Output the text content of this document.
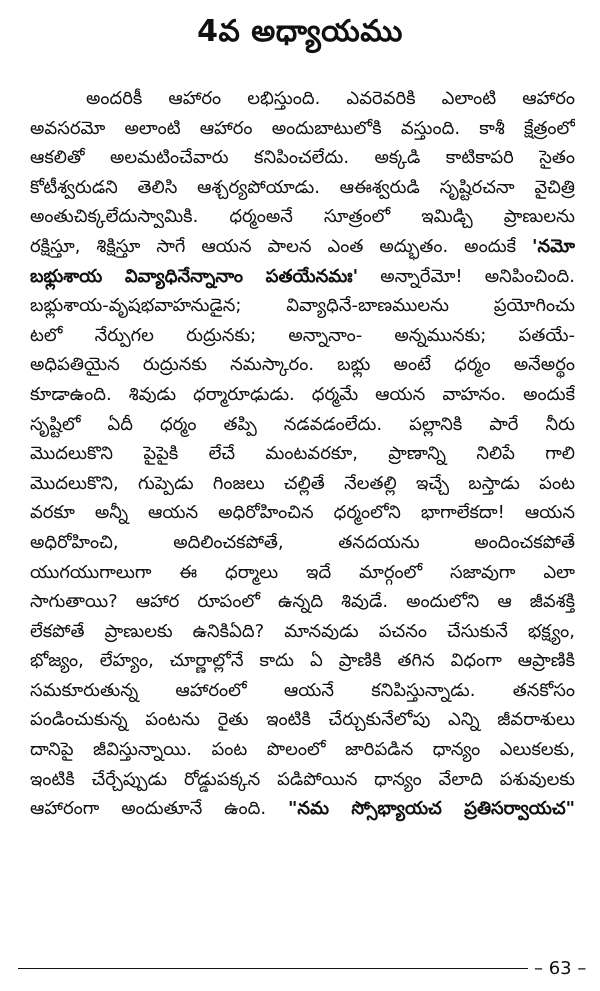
4వ అధ్యాయము
అందరికీ ఆహారం లభిస్తుంది. ఎవరెవరికి ఎలాంటి ఆహారం
అవసరమో అలాంటి ఆహారం అందుబాటులోకి వస్తుంది. కాశీ క్షేత్రంలో
ఆకలితో అలమటించేవారు కనిపించలేదు. అక్కడి కాటికాపరి సైతం
కోటీశ్వరుడని తెలిసి ఆశ్చర్యపోయాడు. ఆఈశ్వరుడి సృష్టిరచనా వైచిత్రి
అంతుచిక్కలేదుస్వామికి. ధర్మంఅనే సూత్రంలో ఇమిడ్చి ప్రాణులను
రక్షిస్తూ, శిక్షిస్తూ సాగే ఆయన పాలన ఎంత అద్భుతం. అందుకే 'నమో
బభ్లుశాయ వివ్యాధినేన్నానాం పతయేనమః' అన్నారేమో! అనిపించింది.
బభ్లుశాయ-వృషభవాహనుడైన; వివ్యాధినే-బాణములను ప్రయోగించు
టలో నేర్పుగల రుద్రునకు; అన్నానాం- అన్నమునకు; పతయే-
అధిపతియైన రుద్రునకు నమస్కారం. బభ్లు అంటే ధర్మం అనేఅర్థం
కూడాఉంది. శివుడు ధర్మారూఢుడు. ధర్మమే ఆయన వాహనం. అందుకే
సృష్టిలో ఏదీ ధర్మం తప్పి నడవడంలేదు. పల్లానికి పారే నీరు
మొదలుకొని పైపైకి లేచే మంటవరకూ, ప్రాణాన్ని నిలిపే గాలి
మొదలుకొని, గుప్పెడు గింజలు చల్లితే నేలతల్లి ఇచ్చే బస్తాడు పంట
వరకూ అన్నీ ఆయన అధిరోహించిన ధర్మంలోని భాగాలేకదా! ఆయన
అధిరోహించి, అదిలించకపోతే, తనదయను అందించకపోతే
యుగయుగాలుగా ఈ ధర్మాలు ఇదే మార్గంలో సజావుగా ఎలా
సాగుతాయి? ఆహార రూపంలో ఉన్నది శివుడే. అందులోని ఆ జీవశక్తి
లేకపోతే ప్రాణులకు ఉనికిఏది? మానవుడు పచనం చేసుకునే భక్ష్యం,
భోజ్యం, లేహ్యం, చూర్ణాల్లోనే కాదు ఏ ప్రాణికి తగిన విధంగా ఆప్రాణికి
సమకూరుతున్న ఆహారంలో ఆయనే కనిపిస్తున్నాడు. తనకోసం
పండించుకున్న పంటను రైతు ఇంటికి చేర్చుకునేలోపు ఎన్ని జీవరాశులు
దానిపై జీవిస్తున్నాయి. పంట పొలంలో జారిపడిన ధాన్యం ఎలుకలకు,
ఇంటికి చేర్చేప్పుడు రోడ్డుపక్కన పడిపోయిన ధాన్యం వేలాది పశువులకు
ఆహారంగా అందుతూనే ఉంది. "నమ స్సోభ్యాయచ ప్రతిసర్వాయచ"
– 63 –
